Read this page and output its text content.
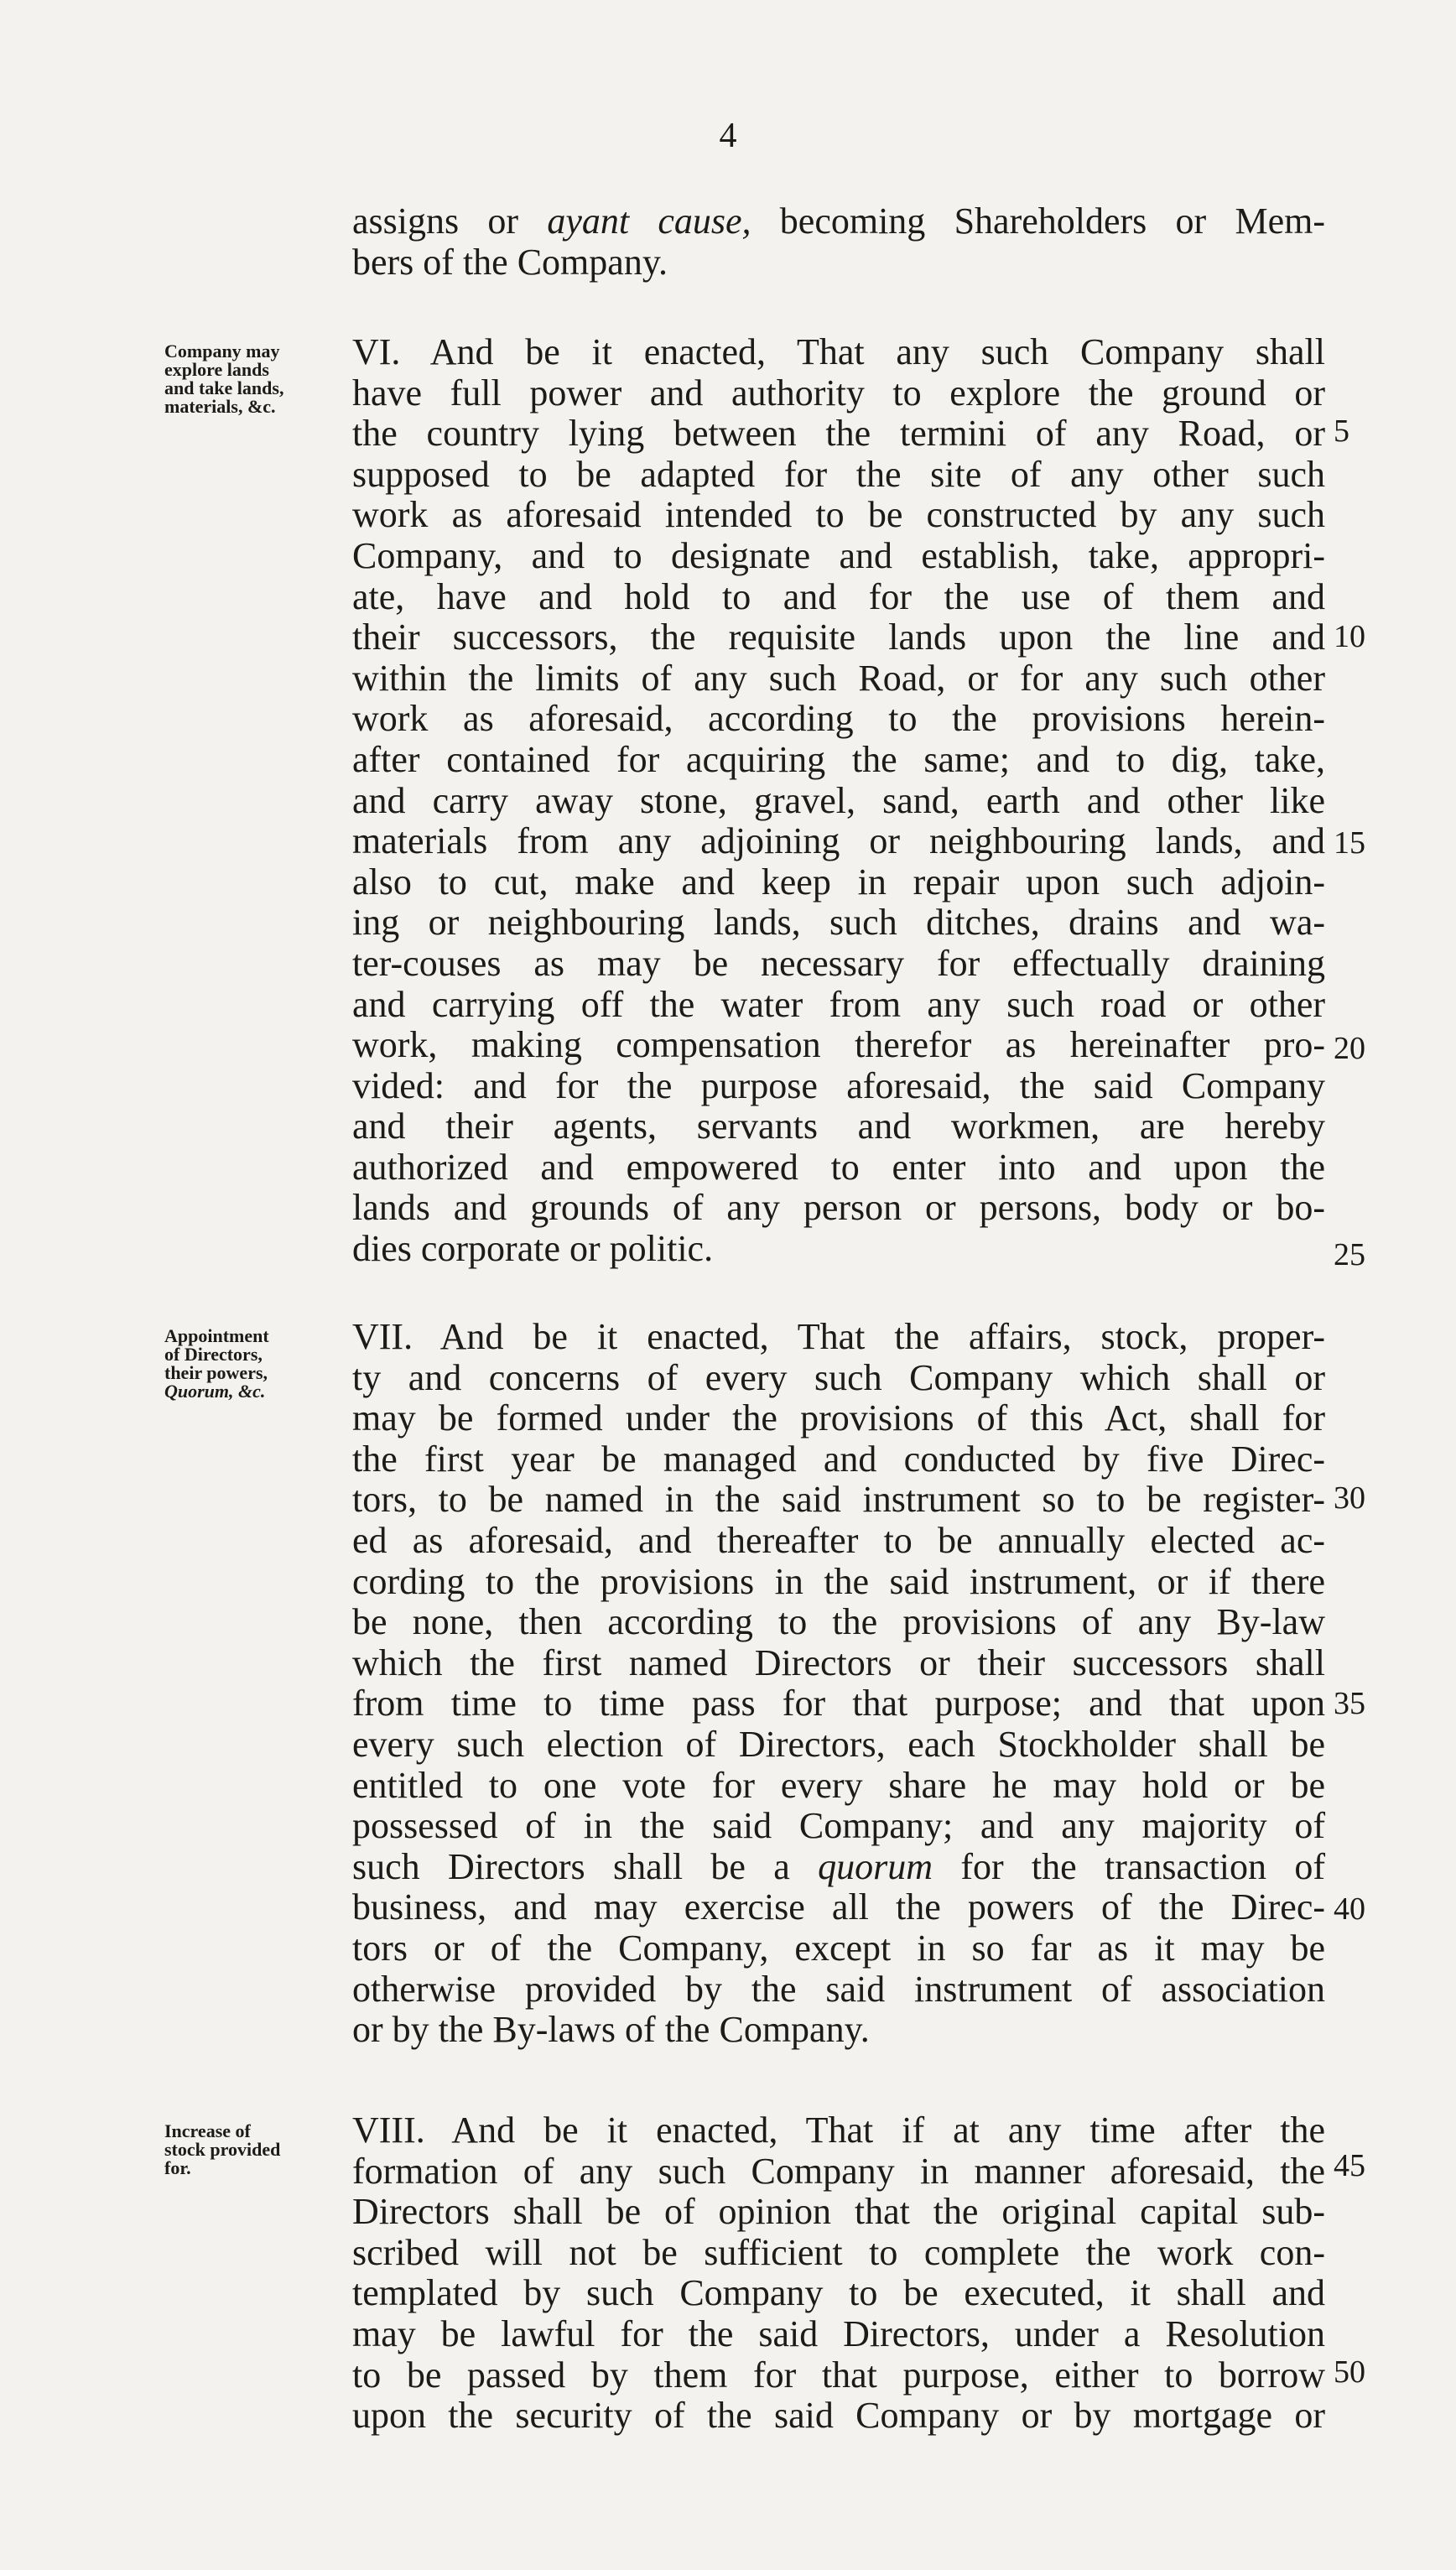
4
assigns or ayant cause, becoming Shareholders or Mem-
bers of the Company.
Company may
explore lands
and take lands,
materials, &c.
VI. And be it enacted, That any such Company shall
have full power and authority to explore the ground or
the country lying between the termini of any Road, or
supposed to be adapted for the site of any other such
work as aforesaid intended to be constructed by any such
Company, and to designate and establish, take, appropri-
ate, have and hold to and for the use of them and
their successors, the requisite lands upon the line and
within the limits of any such Road, or for any such other
work as aforesaid, according to the provisions herein-
after contained for acquiring the same; and to dig, take,
and carry away stone, gravel, sand, earth and other like
materials from any adjoining or neighbouring lands, and
also to cut, make and keep in repair upon such adjoin-
ing or neighbouring lands, such ditches, drains and wa-
ter-couses as may be necessary for effectually draining
and carrying off the water from any such road or other
work, making compensation therefor as hereinafter pro-
vided: and for the purpose aforesaid, the said Company
and their agents, servants and workmen, are hereby
authorized and empowered to enter into and upon the
lands and grounds of any person or persons, body or bo-
dies corporate or politic.
Appointment
of Directors,
their powers,
Quorum, &c.
VII. And be it enacted, That the affairs, stock, proper-
ty and concerns of every such Company which shall or
may be formed under the provisions of this Act, shall for
the first year be managed and conducted by five Direc-
tors, to be named in the said instrument so to be register-
ed as aforesaid, and thereafter to be annually elected ac-
cording to the provisions in the said instrument, or if there
be none, then according to the provisions of any By-law
which the first named Directors or their successors shall
from time to time pass for that purpose; and that upon
every such election of Directors, each Stockholder shall be
entitled to one vote for every share he may hold or be
possessed of in the said Company; and any majority of
such Directors shall be a quorum for the transaction of
business, and may exercise all the powers of the Direc-
tors or of the Company, except in so far as it may be
otherwise provided by the said instrument of association
or by the By-laws of the Company.
Increase of
stock provided
for.
VIII. And be it enacted, That if at any time after the
formation of any such Company in manner aforesaid, the
Directors shall be of opinion that the original capital sub-
scribed will not be sufficient to complete the work con-
templated by such Company to be executed, it shall and
may be lawful for the said Directors, under a Resolution
to be passed by them for that purpose, either to borrow
upon the security of the said Company or by mortgage or
5
10
15
20
25
30
35
40
45
50
